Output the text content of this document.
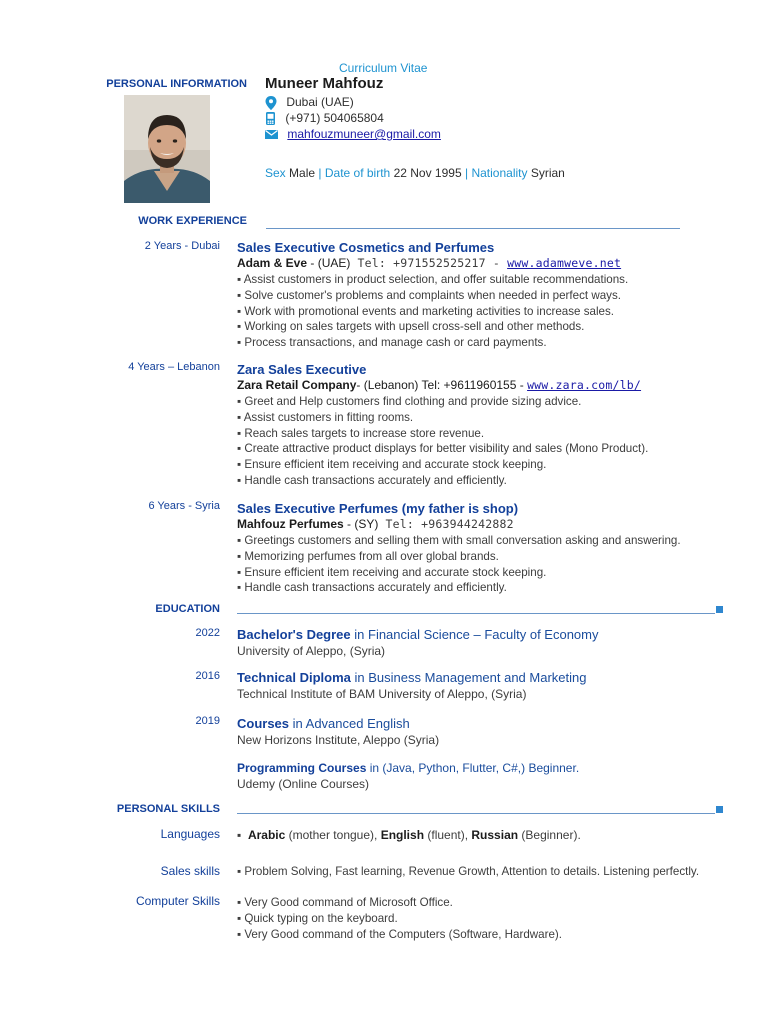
Curriculum Vitae
PERSONAL INFORMATION Muneer Mahfouz
Dubai (UAE)
(+971) 504065804
mahfouzmuneer@gmail.com
Sex Male | Date of birth 22 Nov 1995 | Nationality Syrian
WORK EXPERIENCE
2 Years - Dubai Sales Executive Cosmetics and Perfumes
Adam & Eve - (UAE) Tel: +971552525217 - www.adamweve.net
▪ Assist customers in product selection, and offer suitable recommendations.
▪ Solve customer's problems and complaints when needed in perfect ways.
▪ Work with promotional events and marketing activities to increase sales.
▪ Working on sales targets with upsell cross-sell and other methods.
▪ Process transactions, and manage cash or card payments.
4 Years – Lebanon Zara Sales Executive
Zara Retail Company- (Lebanon) Tel: +9611960155 - www.zara.com/lb/
▪ Greet and Help customers find clothing and provide sizing advice.
▪ Assist customers in fitting rooms.
▪ Reach sales targets to increase store revenue.
▪ Create attractive product displays for better visibility and sales (Mono Product).
▪ Ensure efficient item receiving and accurate stock keeping.
▪ Handle cash transactions accurately and efficiently.
6 Years - Syria Sales Executive Perfumes (my father is shop)
Mahfouz Perfumes - (SY) Tel: +963944242882
▪ Greetings customers and selling them with small conversation asking and answering.
▪ Memorizing perfumes from all over global brands.
▪ Ensure efficient item receiving and accurate stock keeping.
▪ Handle cash transactions accurately and efficiently.
EDUCATION
2022 Bachelor's Degree in Financial Science – Faculty of Economy
University of Aleppo, (Syria)
2016 Technical Diploma in Business Management and Marketing
Technical Institute of BAM University of Aleppo, (Syria)
2019 Courses in Advanced English
New Horizons Institute, Aleppo (Syria)
Programming Courses in (Java, Python, Flutter, C#,) Beginner.
Udemy (Online Courses)
PERSONAL SKILLS
Languages ▪ Arabic (mother tongue), English (fluent), Russian (Beginner).
Sales skills ▪ Problem Solving, Fast learning, Revenue Growth, Attention to details. Listening perfectly.
Computer Skills ▪ Very Good command of Microsoft Office.
▪ Quick typing on the keyboard.
▪ Very Good command of the Computers (Software, Hardware).
